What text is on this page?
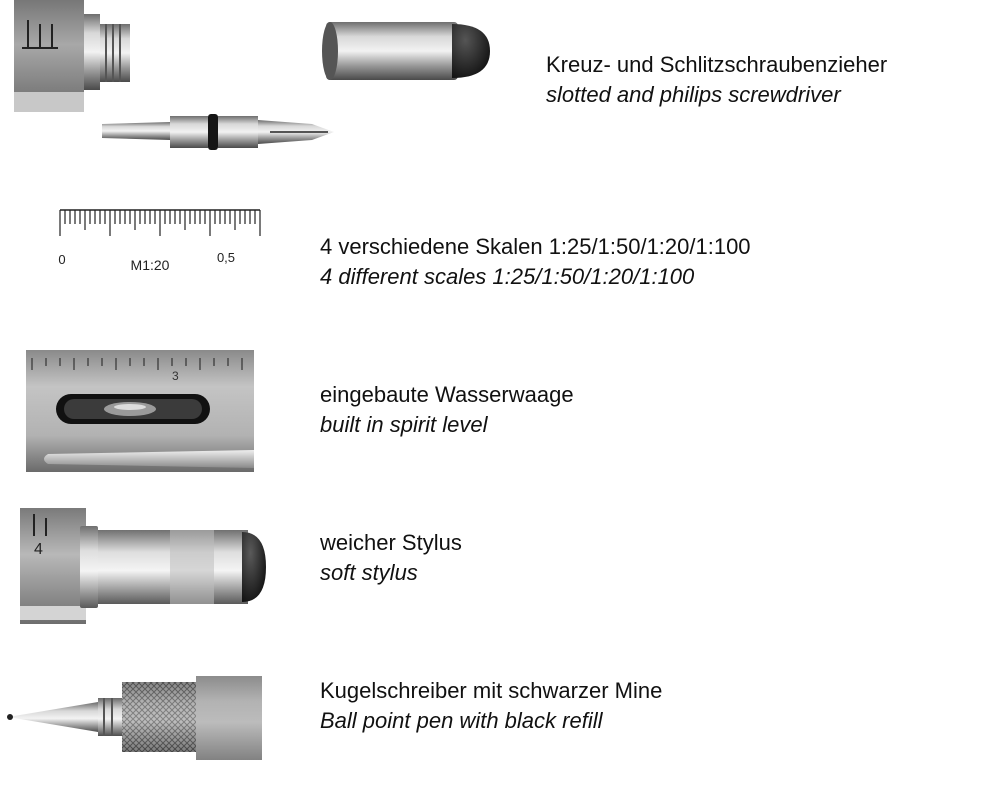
Kreuz- und Schlitzschraubenzieher
slotted and philips screwdriver
0	M1:20	0,5	4 verschiedene Skalen 1:25/1:50/1:20/1:100
4 different scales 1:25/1:50/1:20/1:100
3
eingebaute Wasserwaage
built in spirit level
4	weicher Stylus
soft stylus
Kugelschreiber mit schwarzer Mine
Ball point pen with black refill
